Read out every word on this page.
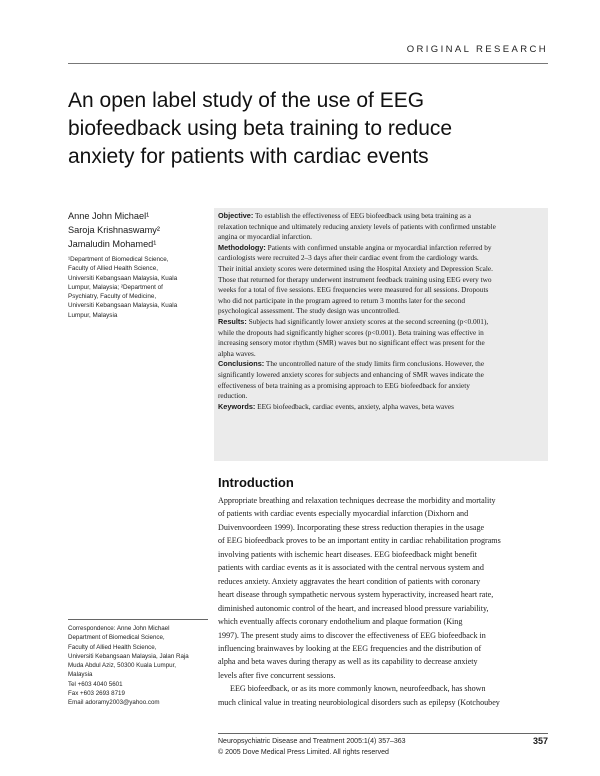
ORIGINAL RESEARCH
An open label study of the use of EEG
biofeedback using beta training to reduce
anxiety for patients with cardiac events
Anne John Michael¹
Saroja Krishnaswamy²
Jamaludin Mohamed¹
¹Department of Biomedical Science,
Faculty of Allied Health Science,
Universiti Kebangsaan Malaysia, Kuala
Lumpur, Malaysia; ²Department of
Psychiatry, Faculty of Medicine,
Universiti Kebangsaan Malaysia, Kuala
Lumpur, Malaysia
Objective: To establish the effectiveness of EEG biofeedback using beta training as a
relaxation technique and ultimately reducing anxiety levels of patients with confirmed unstable
angina or myocardial infarction.
Methodology: Patients with confirmed unstable angina or myocardial infarction referred by
cardiologists were recruited 2–3 days after their cardiac event from the cardiology wards.
Their initial anxiety scores were determined using the Hospital Anxiety and Depression Scale.
Those that returned for therapy underwent instrument feedback training using EEG every two
weeks for a total of five sessions. EEG frequencies were measured for all sessions. Dropouts
who did not participate in the program agreed to return 3 months later for the second
psychological assessment. The study design was uncontrolled.
Results: Subjects had significantly lower anxiety scores at the second screening (p<0.001),
while the dropouts had significantly higher scores (p<0.001). Beta training was effective in
increasing sensory motor rhythm (SMR) waves but no significant effect was present for the
alpha waves.
Conclusions: The uncontrolled nature of the study limits firm conclusions. However, the
significantly lowered anxiety scores for subjects and enhancing of SMR waves indicate the
effectiveness of beta training as a promising approach to EEG biofeedback for anxiety
reduction.
Keywords: EEG biofeedback, cardiac events, anxiety, alpha waves, beta waves
Introduction
Appropriate breathing and relaxation techniques decrease the morbidity and mortality
of patients with cardiac events especially myocardial infarction (Dixhorn and
Duivenvoordeen 1999). Incorporating these stress reduction therapies in the usage
of EEG biofeedback proves to be an important entity in cardiac rehabilitation programs
involving patients with ischemic heart diseases. EEG biofeedback might benefit
patients with cardiac events as it is associated with the central nervous system and
reduces anxiety. Anxiety aggravates the heart condition of patients with coronary
heart disease through sympathetic nervous system hyperactivity, increased heart rate,
diminished autonomic control of the heart, and increased blood pressure variability,
which eventually affects coronary endothelium and plaque formation (King
1997). The present study aims to discover the effectiveness of EEG biofeedback in
influencing brainwaves by looking at the EEG frequencies and the distribution of
alpha and beta waves during therapy as well as its capability to decrease anxiety
levels after five concurrent sessions.
EEG biofeedback, or as its more commonly known, neurofeedback, has shown
much clinical value in treating neurobiological disorders such as epilepsy (Kotchoubey
Correspondence: Anne John Michael
Department of Biomedical Science,
Faculty of Allied Health Science,
Universiti Kebangsaan Malaysia, Jalan Raja
Muda Abdul Aziz, 50300 Kuala Lumpur,
Malaysia
Tel +603 4040 5601
Fax +603 2693 8719
Email adoramy2003@yahoo.com
Neuropsychiatric Disease and Treatment 2005:1(4) 357–363
© 2005 Dove Medical Press Limited. All rights reserved
357
